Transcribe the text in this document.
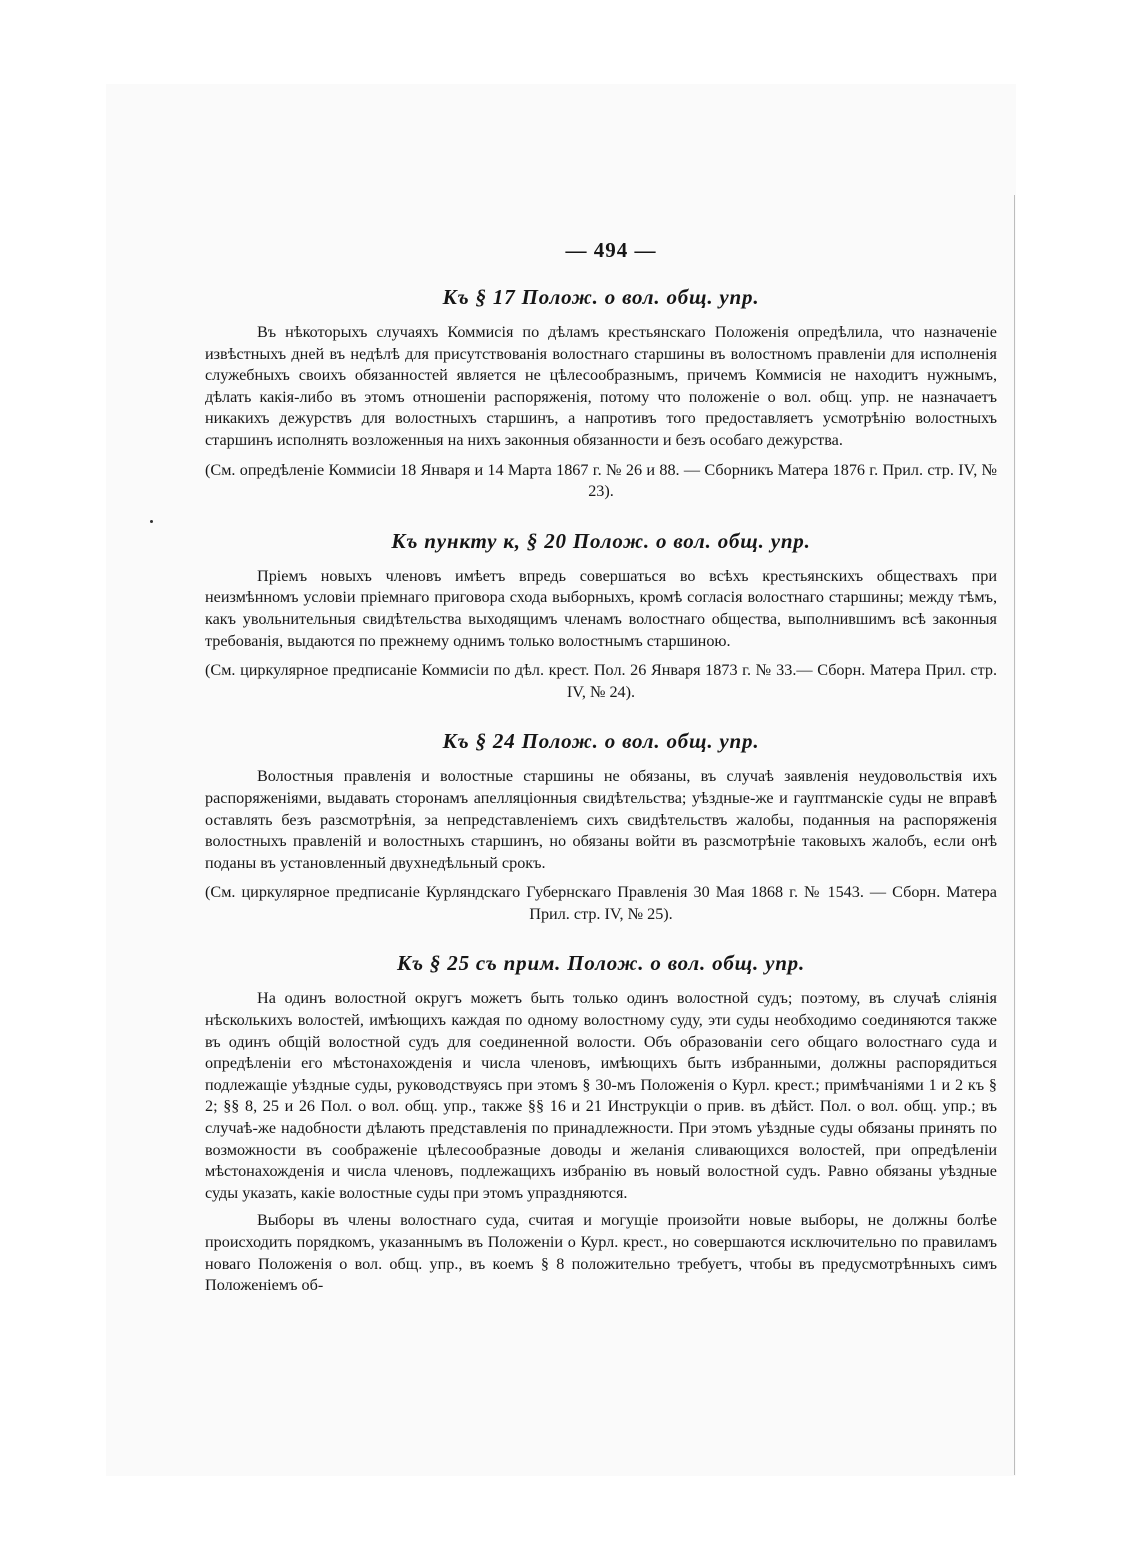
— 494 —
Къ § 17 Полож. о вол. общ. упр.

Въ нѣкоторыхъ случаяхъ Коммисія по дѣламъ крестьянскаго Положенія опредѣлила, что назначеніе извѣстныхъ дней въ недѣлѣ для присутствованія волостнаго старшины въ волостномъ правленіи для исполненія служебныхъ своихъ обязанностей является не цѣлесообразнымъ, причемъ Коммисія не находитъ нужнымъ, дѣлать какія-либо въ этомъ отношеніи распоряженія, потому что положеніе о вол. общ. упр. не назначаетъ никакихъ дежурствъ для волостныхъ старшинъ, а напротивъ того предоставляетъ усмотрѣнію волостныхъ старшинъ исполнять возложенныя на нихъ законныя обязанности и безъ особаго дежурства.

(См. опредѣленіе Коммисіи 18 Января и 14 Марта 1867 г. № 26 и 88. — Сборникъ Матера 1876 г. Прил. стр. IV, № 23).

Къ пункту к, § 20 Полож. о вол. общ. упр.

Пріемъ новыхъ членовъ имѣетъ впредь совершаться во всѣхъ крестьянскихъ обществахъ при неизмѣнномъ условіи пріемнаго приговора схода выборныхъ, кромѣ согласія волостнаго старшины; между тѣмъ, какъ увольнительныя свидѣтельства выходящимъ членамъ волостнаго общества, выполнившимъ всѣ законныя требованія, выдаются по прежнему однимъ только волостнымъ старшиною.

(См. циркулярное предписаніе Коммисіи по дѣл. крест. Пол. 26 Января 1873 г. № 33.— Сборн. Матера Прил. стр. IV, № 24).

Къ § 24 Полож. о вол. общ. упр.

Волостныя правленія и волостные старшины не обязаны, въ случаѣ заявленія неудовольствія ихъ распоряженіями, выдавать сторонамъ апелляціонныя свидѣтельства; уѣздные-же и гауптманскіе суды не вправѣ оставлять безъ разсмотрѣнія, за непредставленіемъ сихъ свидѣтельствъ жалобы, поданныя на распоряженія волостныхъ правленій и волостныхъ старшинъ, но обязаны войти въ разсмотрѣніе таковыхъ жалобъ, если онѣ поданы въ установленный двухнедѣльный срокъ.

(См. циркулярное предписаніе Курляндскаго Губернскаго Правленія 30 Мая 1868 г. № 1543. — Сборн. Матера Прил. стр. IV, № 25).

Къ § 25 съ прим. Полож. о вол. общ. упр.

На одинъ волостной округъ можетъ быть только одинъ волостной судъ; поэтому, въ случаѣ сліянія нѣсколькихъ волостей, имѣющихъ каждая по одному волостному суду, эти суды необходимо соединяются также въ одинъ общій волостной судъ для соединенной волости. Объ образованіи сего общаго волостнаго суда и опредѣленіи его мѣстонахожденія и числа членовъ, имѣющихъ быть избранными, должны распорядиться подлежащіе уѣздные суды, руководствуясь при этомъ § 30-мъ Положенія о Курл. крест.; примѣчаніями 1 и 2 къ § 2; §§ 8, 25 и 26 Пол. о вол. общ. упр., также §§ 16 и 21 Инструкціи о прив. въ дѣйст. Пол. о вол. общ. упр.; въ случаѣ-же надобности дѣлають представленія по принадлежности. При этомъ уѣздные суды обязаны принять по возможности въ соображеніе цѣлесообразные доводы и желанія сливающихся волостей, при опредѣленіи мѣстонахожденія и числа членовъ, подлежащихъ избранію въ новый волостной судъ. Равно обязаны уѣздные суды указать, какіе волостные суды при этомъ упраздняются.

Выборы въ члены волостнаго суда, считая и могущіе произойти новые выборы, не должны болѣе происходить порядкомъ, указаннымъ въ Положеніи о Курл. крест., но совершаются исключительно по правиламъ новаго Положенія о вол. общ. упр., въ коемъ § 8 положительно требуетъ, чтобы въ предусмотрѣнныхъ симъ Положеніемъ об-
